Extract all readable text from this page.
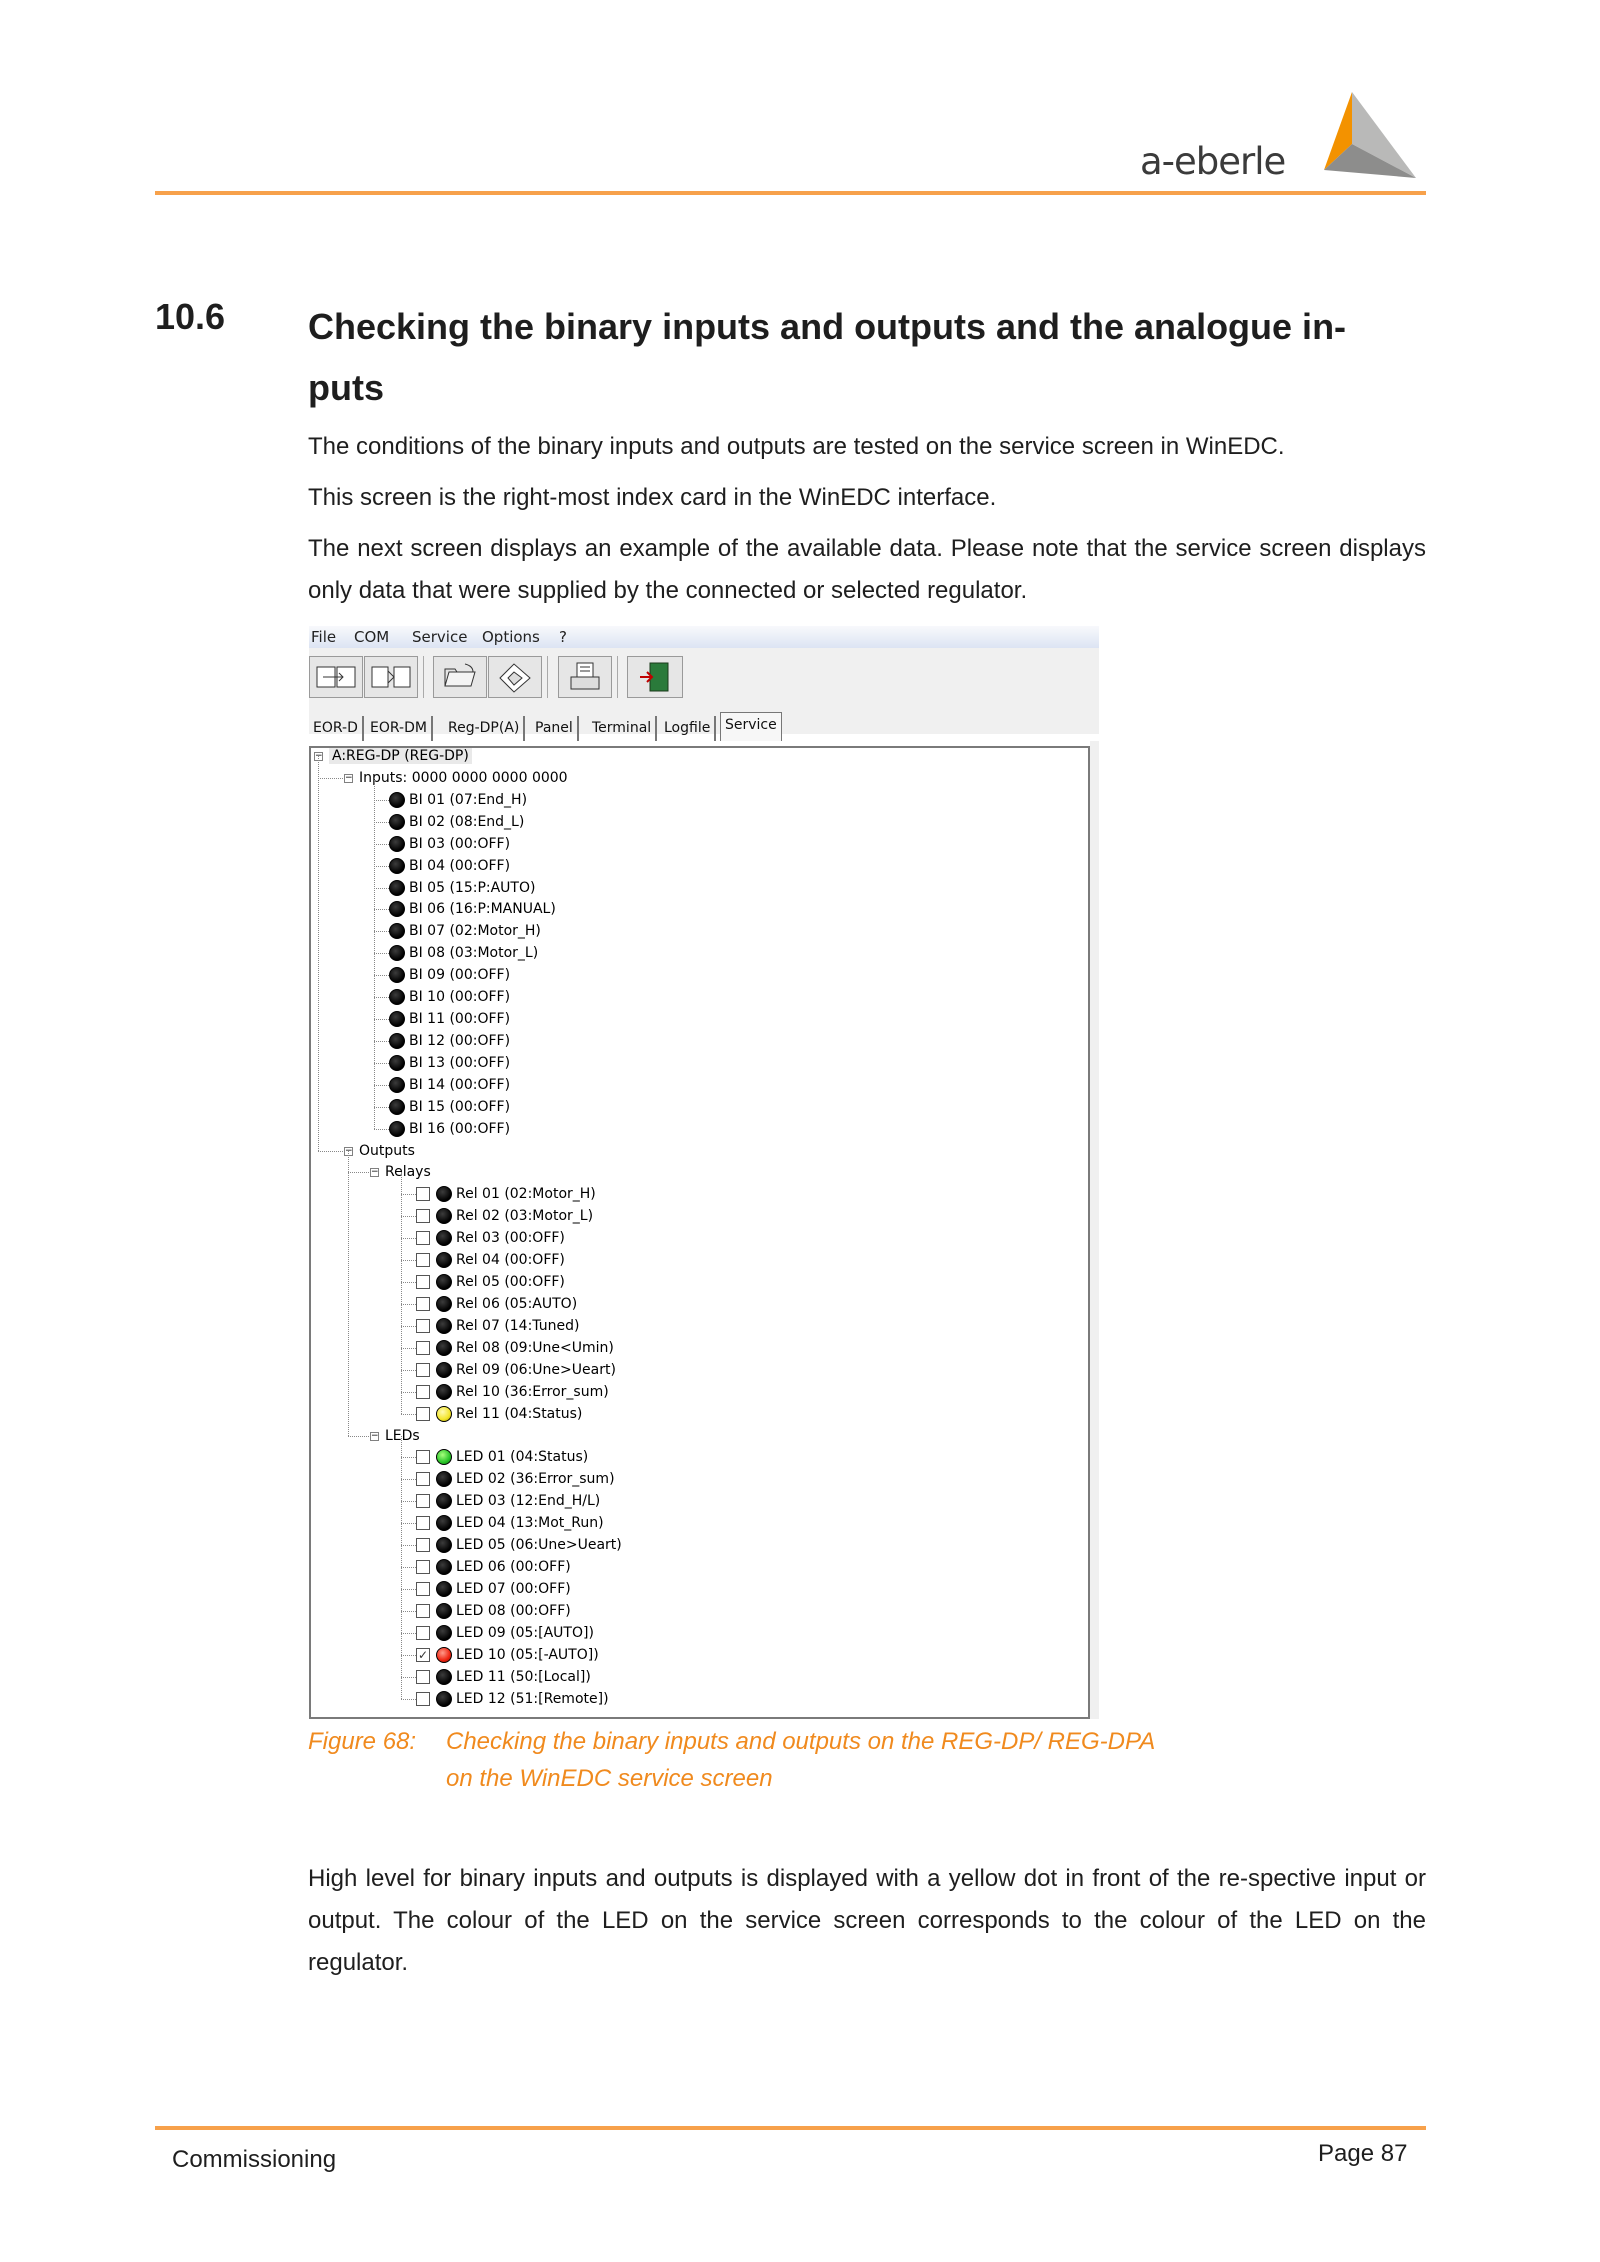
a-eberle
10.6 Checking the binary inputs and outputs and the analogue in-
puts
The conditions of the binary inputs and outputs are tested on the service screen in WinEDC.
This screen is the right-most index card in the WinEDC interface.
The next screen displays an example of the available data. Please note that the service screen displays only data that were supplied by the connected or selected regulator.
File COM Service Options ?
EOR-D EOR-DM	Reg-DP(A)	Panel	Terminal Logfile	Service
− A:REG-DP (REG-DP)
− Inputs: 0000 0000 0000 0000
BI 01 (07:End_H)
BI 02 (08:End_L)
BI 03 (00:OFF)
BI 04 (00:OFF)
BI 05 (15:P:AUTO)
BI 06 (16:P:MANUAL)
BI 07 (02:Motor_H)
BI 08 (03:Motor_L)
BI 09 (00:OFF)
BI 10 (00:OFF)
BI 11 (00:OFF)
BI 12 (00:OFF)
BI 13 (00:OFF)
BI 14 (00:OFF)
BI 15 (00:OFF)
BI 16 (00:OFF)
− Outputs
− Relays
Rel 01 (02:Motor_H)
Rel 02 (03:Motor_L)
Rel 03 (00:OFF)
Rel 04 (00:OFF)
Rel 05 (00:OFF)
Rel 06 (05:AUTO)
Rel 07 (14:Tuned)
Rel 08 (09:Une<Umin)
Rel 09 (06:Une>Ueart)
Rel 10 (36:Error_sum)
Rel 11 (04:Status)
− LEDs
LED 01 (04:Status)
LED 02 (36:Error_sum)
LED 03 (12:End_H/L)
LED 04 (13:Mot_Run)
LED 05 (06:Une>Ueart)
LED 06 (00:OFF)
LED 07 (00:OFF)
LED 08 (00:OFF)
LED 09 (05:[AUTO])
✓ LED 10 (05:[-AUTO])
LED 11 (50:[Local])
LED 12 (51:[Remote])
Figure 68: Checking the binary inputs and outputs on the REG-DP/ REG-DPA
on the WinEDC service screen
High level for binary inputs and outputs is displayed with a yellow dot in front of the re-spective input or output. The colour of the LED on the service screen corresponds to the colour of the LED on the regulator.
Commissioning	Page 87
